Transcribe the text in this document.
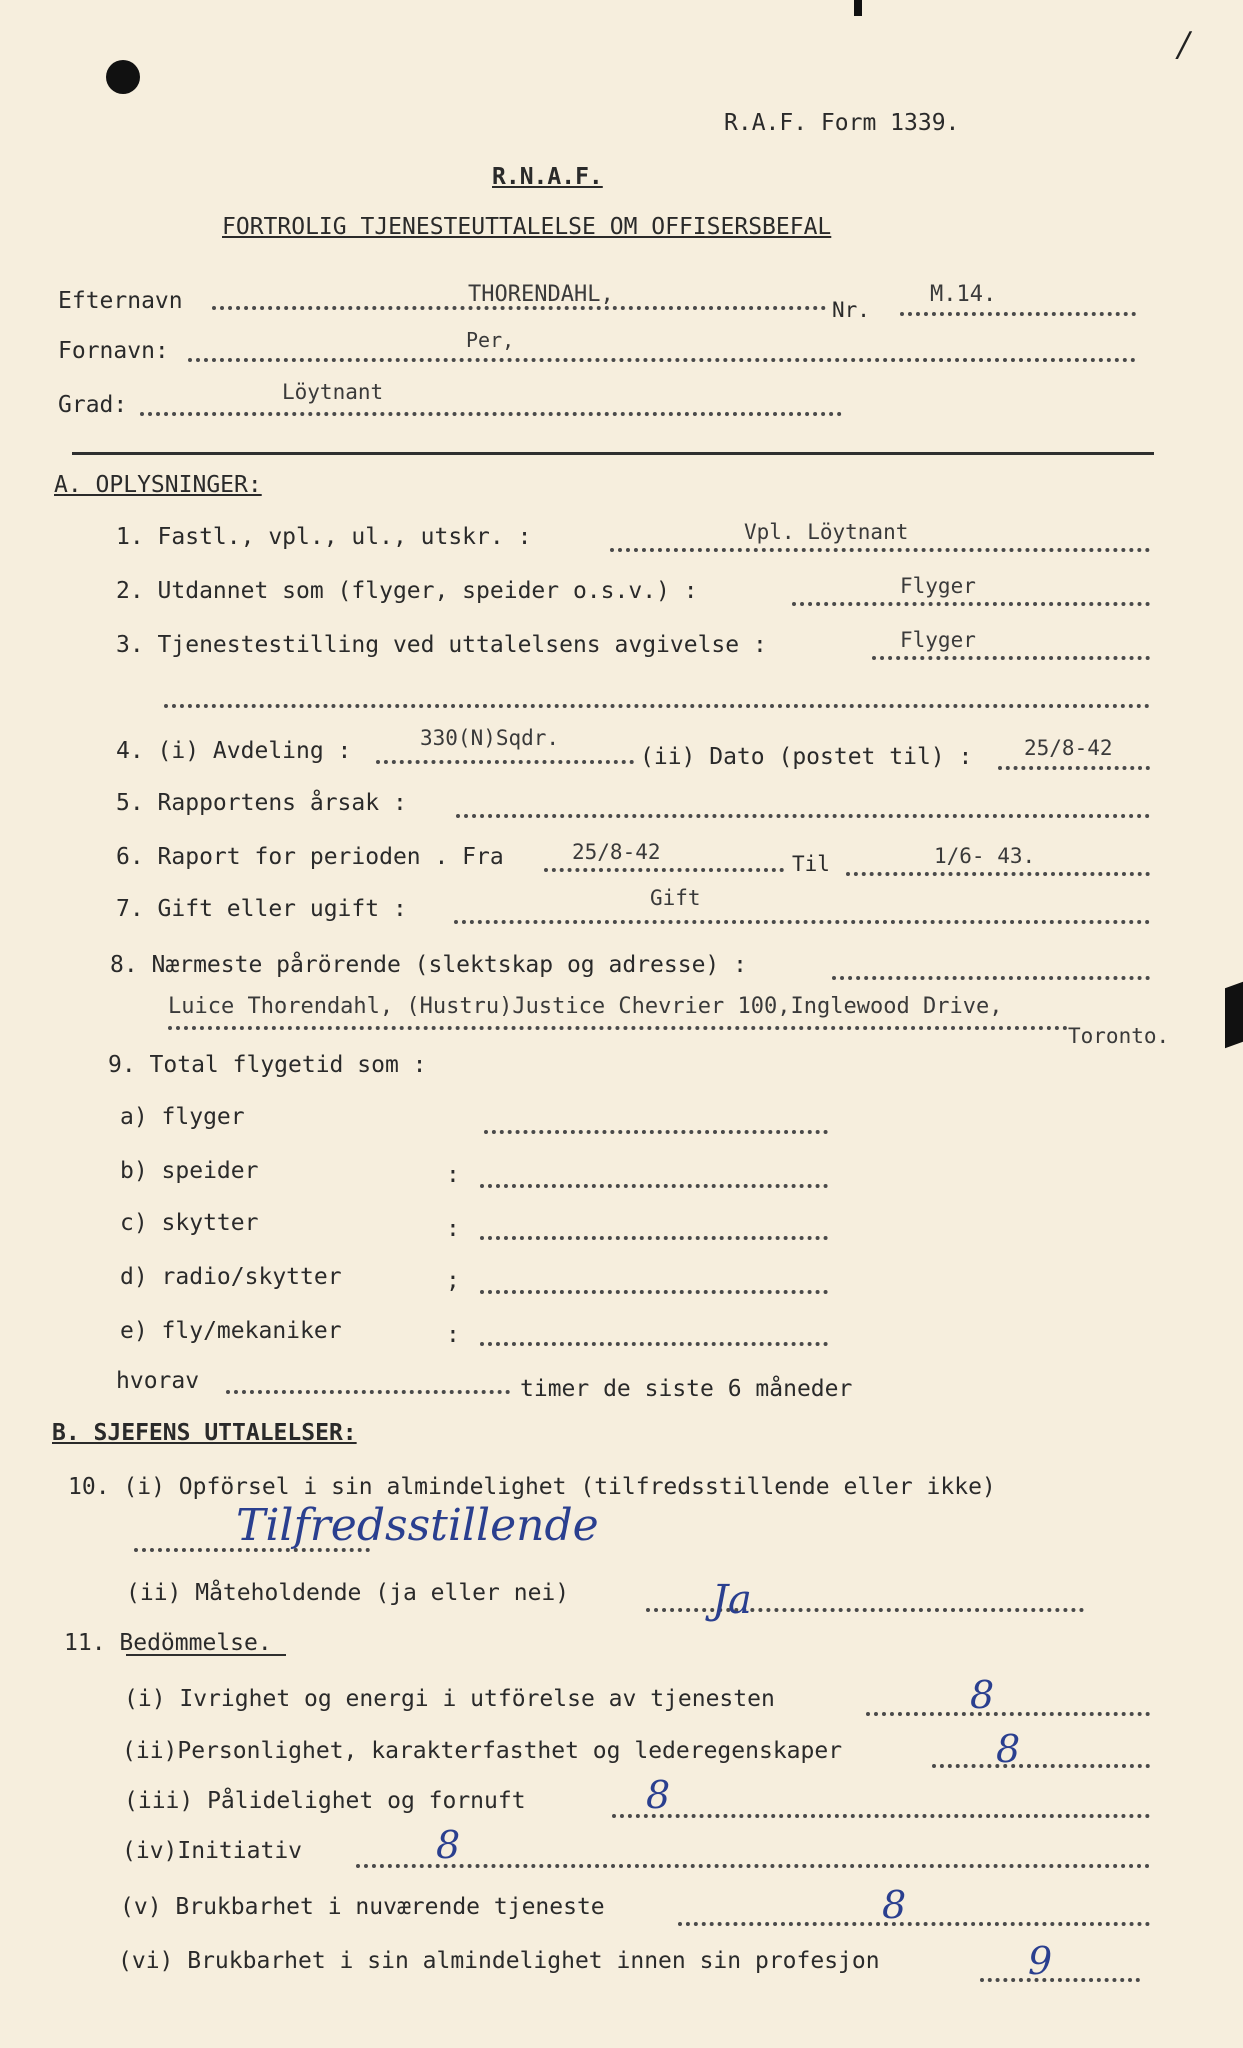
/
R.A.F. Form 1339.
R.N.A.F.
FORTROLIG TJENESTEUTTALELSE OM OFFISERSBEFAL
Efternavn	THORENDAHL,
Nr.
M.14.
Fornavn:	Per,
Grad:	Löytnant
A. OPLYSNINGER:
1. Fastl., vpl., ul., utskr. :	Vpl. Löytnant
2. Utdannet som (flyger, speider o.s.v.) :	Flyger
3. Tjenestestilling ved uttalelsens avgivelse :	Flyger
4. (i) Avdeling :	330(N)Sqdr.
(ii) Dato (postet til) : 25/8-42
5. Rapportens årsak :
6. Raport for perioden . Fra	25/8-42	Til	1/6- 43.
7. Gift eller ugift :	Gift
8. Nærmeste pårörende (slektskap og adresse) :
Luice Thorendahl, (Hustru)Justice Chevrier 100,Inglewood Drive,
Toronto.
9. Total flygetid som :
a) flyger
b) speider	:
c) skytter	:
d) radio/skytter	;
e) fly/mekaniker	:
hvorav	timer de siste 6 måneder
B. SJEFENS UTTALELSER:
10. (i) Opförsel i sin almindelighet (tilfredsstillende eller ikke)
Tilfredsstillende
(ii) Måteholdende (ja eller nei)	Ja
11. Bedömmelse.
(i) Ivrighet og energi i utförelse av tjenesten	8
(ii)Personlighet, karakterfasthet og lederegenskaper	8
(iii) Pålidelighet og fornuft	8
(iv)Initiativ	8
(v) Brukbarhet i nuværende tjeneste	8
(vi) Brukbarhet i sin almindelighet innen sin profesjon	9
